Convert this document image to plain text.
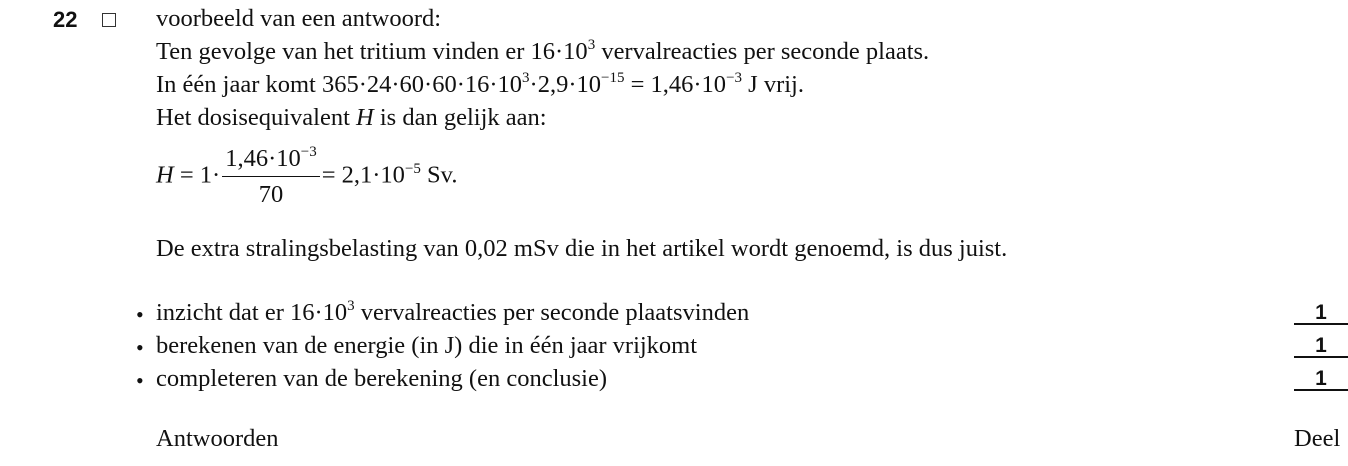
22	voorbeeld van een antwoord:
Ten gevolge van het tritium vinden er $16\cdot 10^3$ vervalreacties per seconde plaats.
In één jaar komt $365\cdot 24\cdot 60\cdot 60\cdot 16\cdot 10^3\cdot 2,9\cdot 10^{-15} = 1,46\cdot 10^{-3}$ J vrij.
Het dosisequivalent H is dan gelijk aan:
$H = 1\cdot \frac{1,46\cdot 10^{-3}}{70} = 2,1\cdot 10^{-5}$ Sv.
De extra stralingsbelasting van 0,02 mSv die in het artikel wordt genoemd, is dus juist.
• inzicht dat er $16\cdot 10^3$ vervalreacties per seconde plaatsvinden	1
• berekenen van de energie (in J) die in één jaar vrijkomt	1
• completeren van de berekening (en conclusie)	1
Antwoorden	Deel
